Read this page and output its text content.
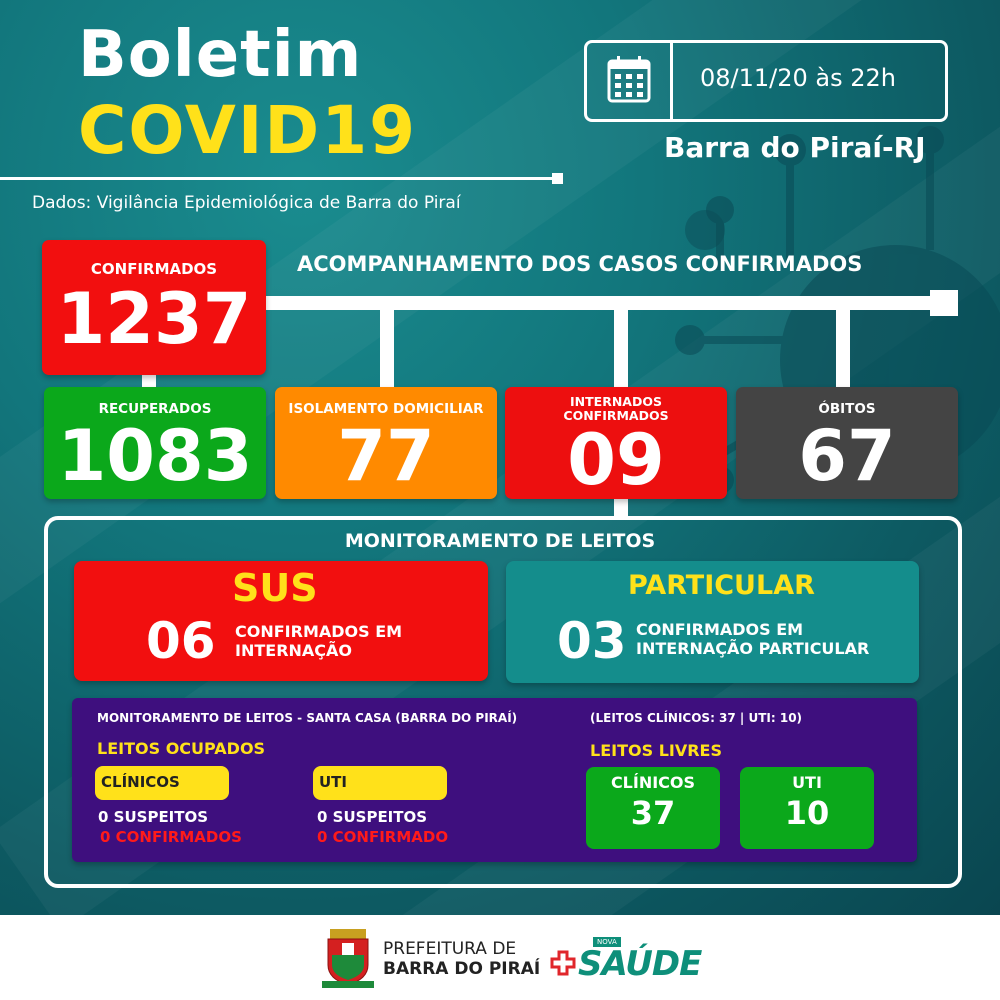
Boletim
COVID19
Dados: Vigilância Epidemiológica de Barra do Piraí
08/11/20 às 22h
Barra do Piraí-RJ
ACOMPANHAMENTO DOS CASOS CONFIRMADOS
CONFIRMADOS
1237
RECUPERADOS
1083
ISOLAMENTO DOMICILIAR
77
INTERNADOS
CONFIRMADOS
09
ÓBITOS
67
MONITORAMENTO DE LEITOS
SUS
06 CONFIRMADOS EM
INTERNAÇÃO
PARTICULAR
03 CONFIRMADOS EM
INTERNAÇÃO PARTICULAR
MONITORAMENTO DE LEITOS - SANTA CASA (BARRA DO PIRAÍ)	(LEITOS CLÍNICOS: 37 | UTI: 10)
LEITOS OCUPADOS	LEITOS LIVRES
CLÍNICOS
0 SUSPEITOS
0 CONFIRMADOS
UTI
0 SUSPEITOS
0 CONFIRMADO
CLÍNICOS
37
UTI
10
PREFEITURA DE
BARRA DO PIRAÍ
NOVA
SAÚDE
